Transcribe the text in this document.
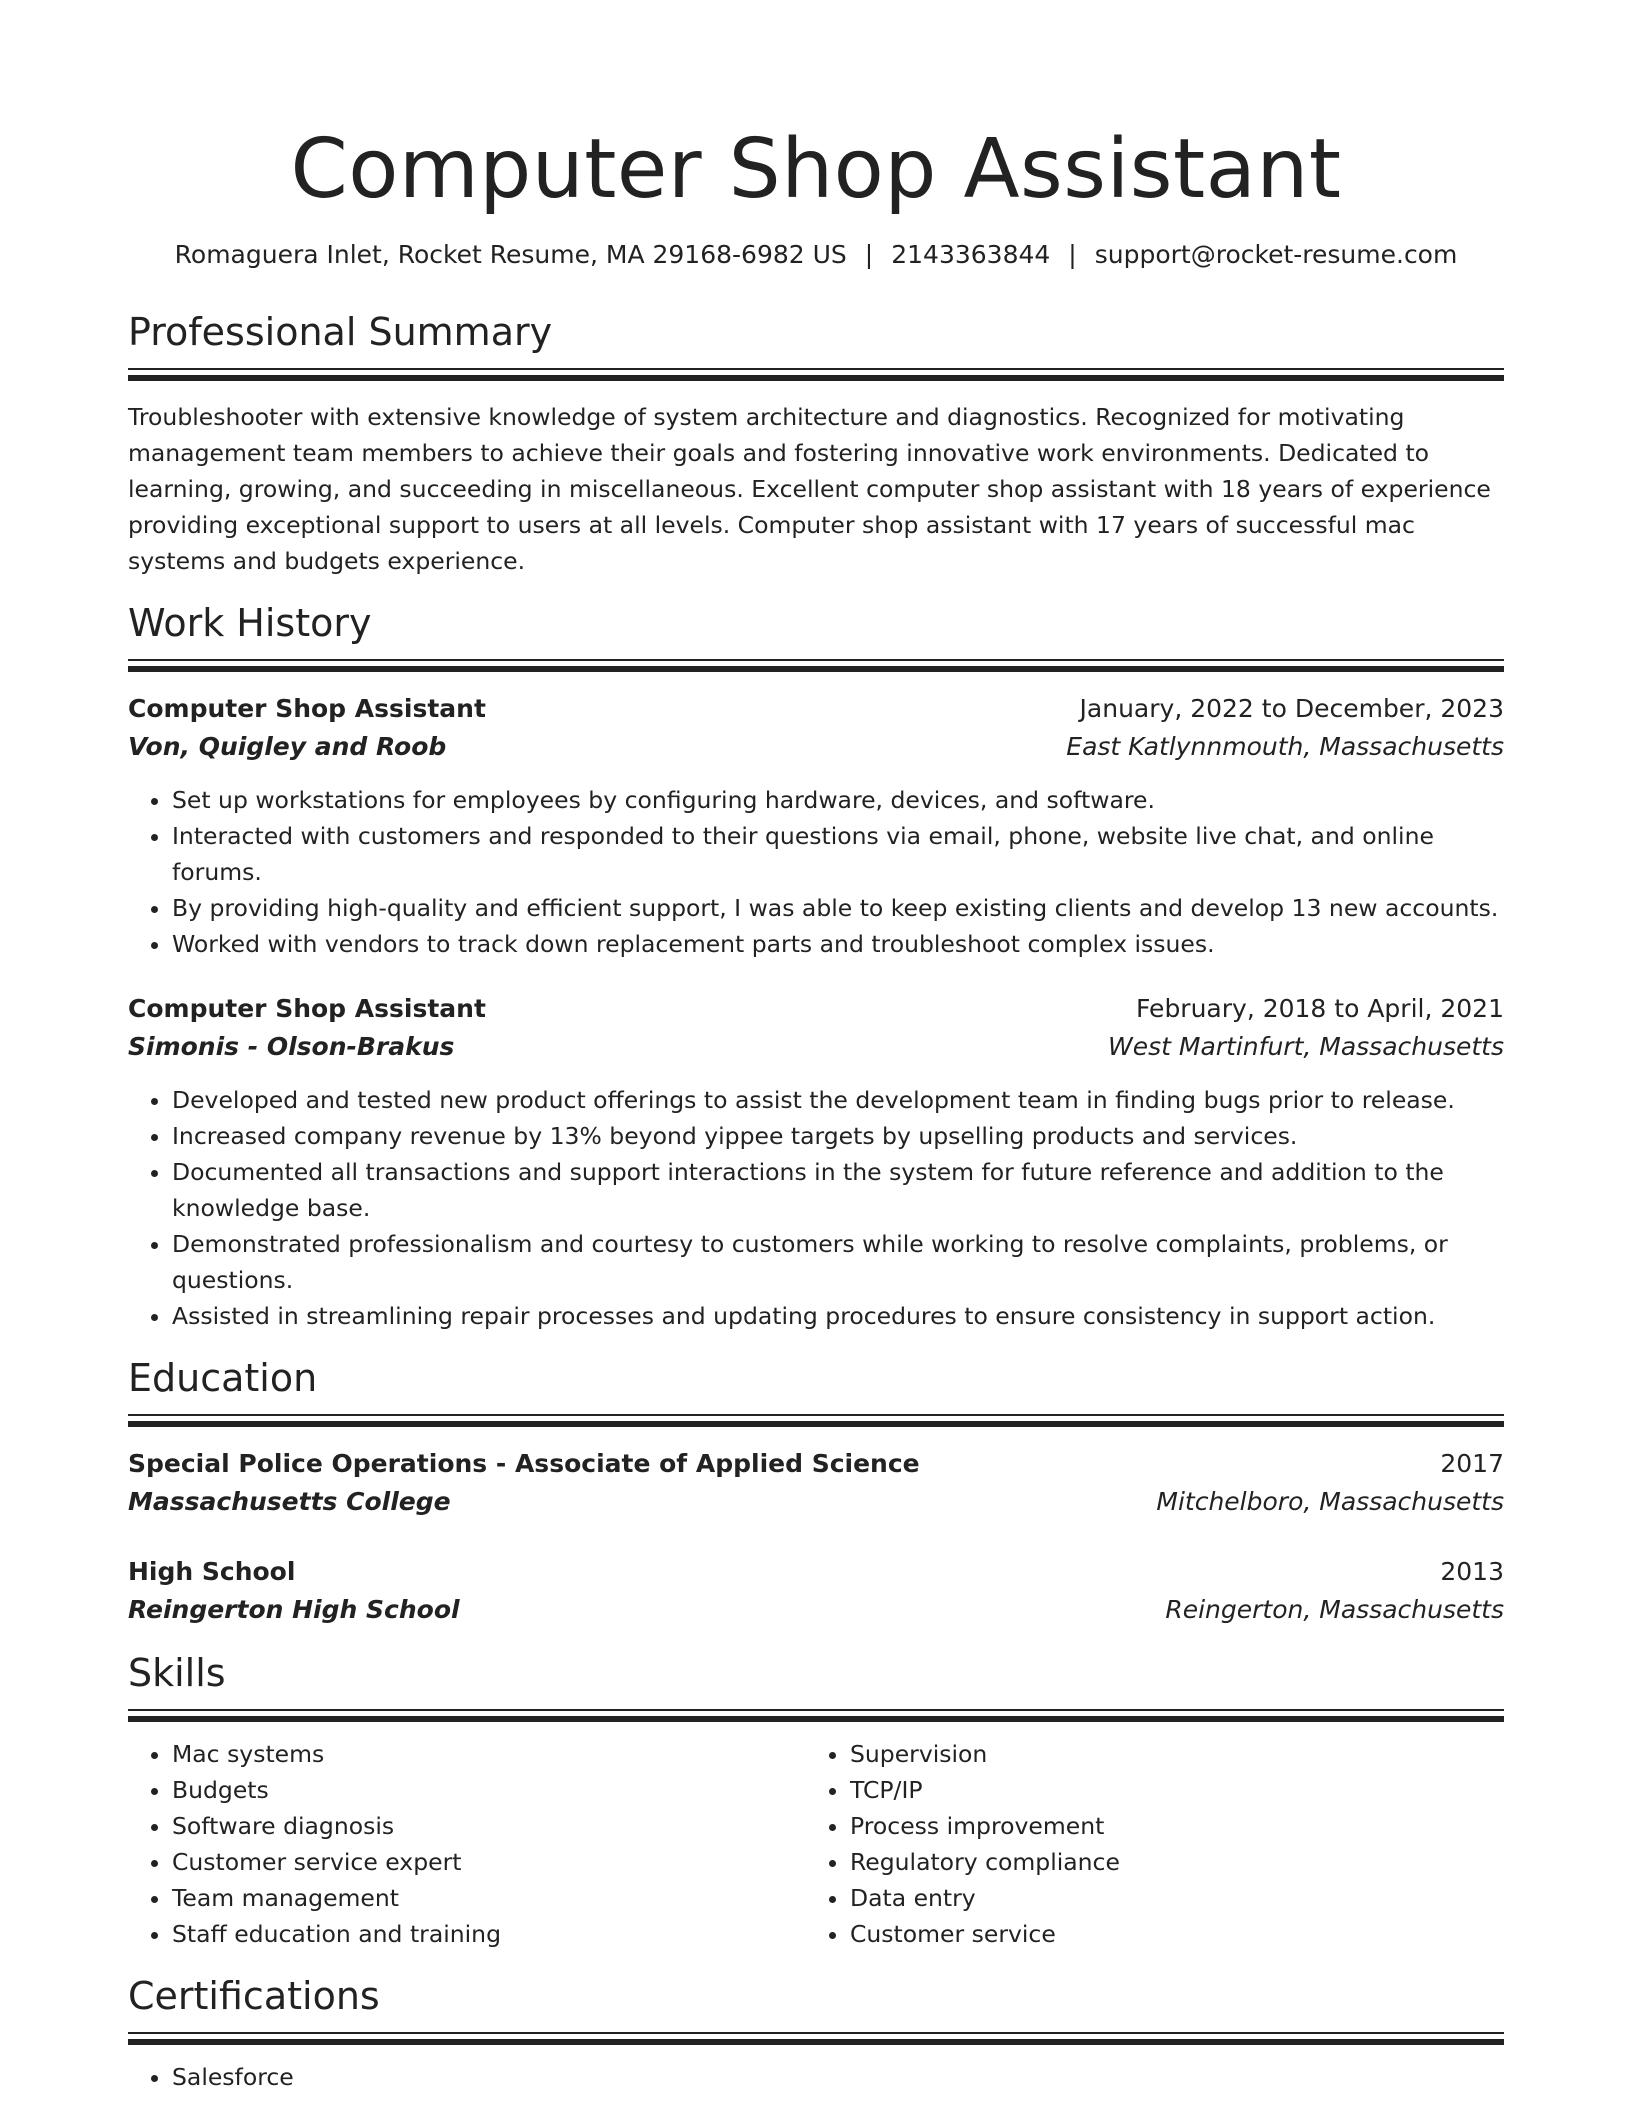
Computer Shop Assistant
Romaguera Inlet, Rocket Resume, MA 29168-6982 US | 2143363844 | support@rocket-resume.com
Professional Summary

Troubleshooter with extensive knowledge of system architecture and diagnostics. Recognized for motivating management team members to achieve their goals and fostering innovative work environments. Dedicated to learning, growing, and succeeding in miscellaneous. Excellent computer shop assistant with 18 years of experience providing exceptional support to users at all levels. Computer shop assistant with 17 years of successful mac systems and budgets experience.

Work History
Computer Shop Assistant	January, 2022 to December, 2023
Von, Quigley and Roob	East Katlynnmouth, Massachusetts
• Set up workstations for employees by configuring hardware, devices, and software.
• Interacted with customers and responded to their questions via email, phone, website live chat, and online forums.
• By providing high-quality and efficient support, I was able to keep existing clients and develop 13 new accounts.
• Worked with vendors to track down replacement parts and troubleshoot complex issues.
Computer Shop Assistant	February, 2018 to April, 2021
Simonis - Olson-Brakus	West Martinfurt, Massachusetts
• Developed and tested new product offerings to assist the development team in finding bugs prior to release.
• Increased company revenue by 13% beyond yippee targets by upselling products and services.
• Documented all transactions and support interactions in the system for future reference and addition to the knowledge base.
• Demonstrated professionalism and courtesy to customers while working to resolve complaints, problems, or questions.
• Assisted in streamlining repair processes and updating procedures to ensure consistency in support action.
Education
Special Police Operations - Associate of Applied Science	2017
Massachusetts College	Mitchelboro, Massachusetts
High School	2013
Reingerton High School	Reingerton, Massachusetts
Skills
• Mac systems
• Budgets
• Software diagnosis
• Customer service expert
• Team management
• Staff education and training
• Supervision
• TCP/IP
• Process improvement
• Regulatory compliance
• Data entry
• Customer service
Certifications
• Salesforce
